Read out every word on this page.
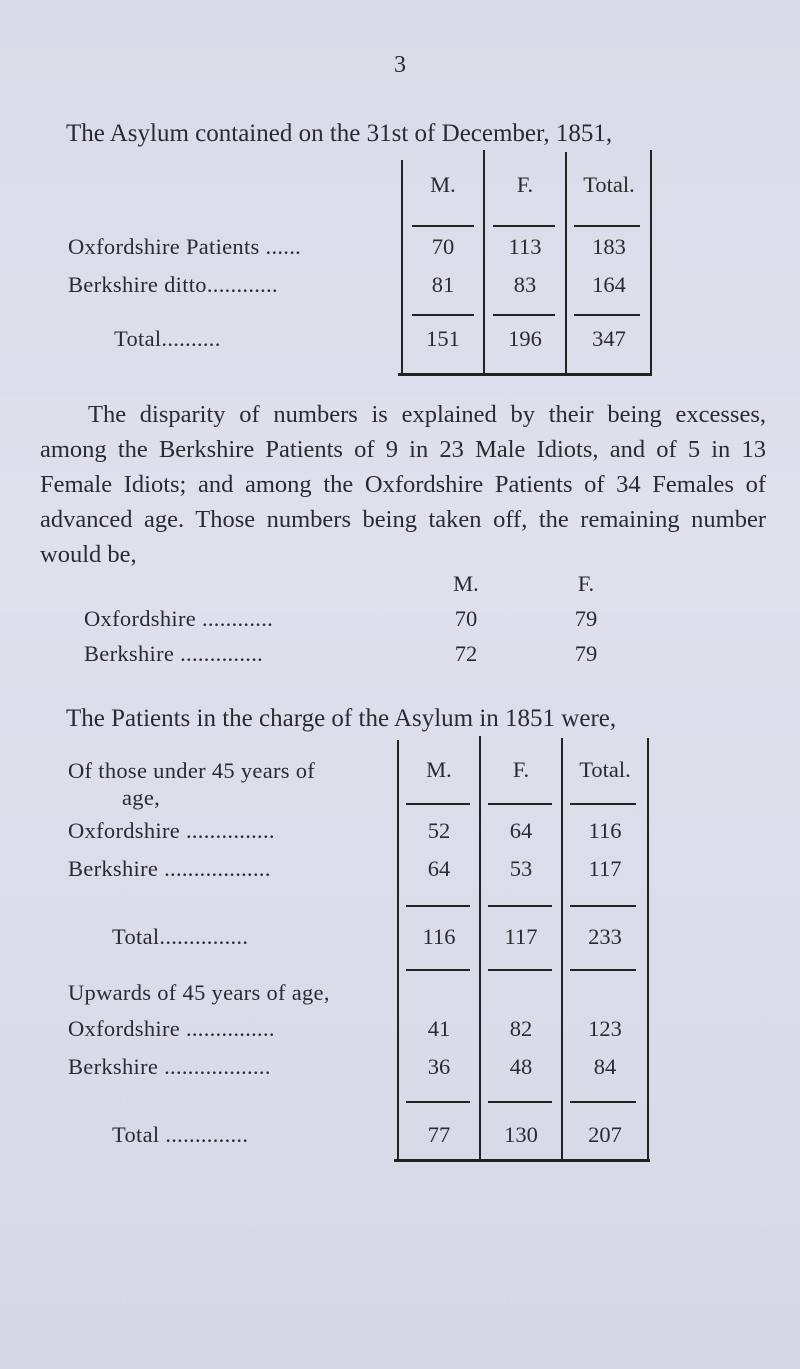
3
The Asylum contained on the 31st of December, 1851,
M.	F.	Total.
Oxfordshire Patients ......	70	113	183
Berkshire ditto............	81	83	164
Total..........	151	196	347
The disparity of numbers is explained by their being excesses, among the Berkshire Patients of 9 in 23 Male Idiots, and of 5 in 13 Female Idiots; and among the Oxfordshire Patients of 34 Females of advanced age. Those numbers being taken off, the remaining number would be,
M.	F.
Oxfordshire ............	70	79
Berkshire ..............	72	79
The Patients in the charge of the Asylum in 1851 were,
Of those under 45 years of
age,
M.	F.	Total.
Oxfordshire ...............	52	64	116
Berkshire ..................	64	53	117
Total...............	116	117	233
Upwards of 45 years of age,
Oxfordshire ...............	41	82	123
Berkshire ..................	36	48	84
Total ..............	77	130	207
